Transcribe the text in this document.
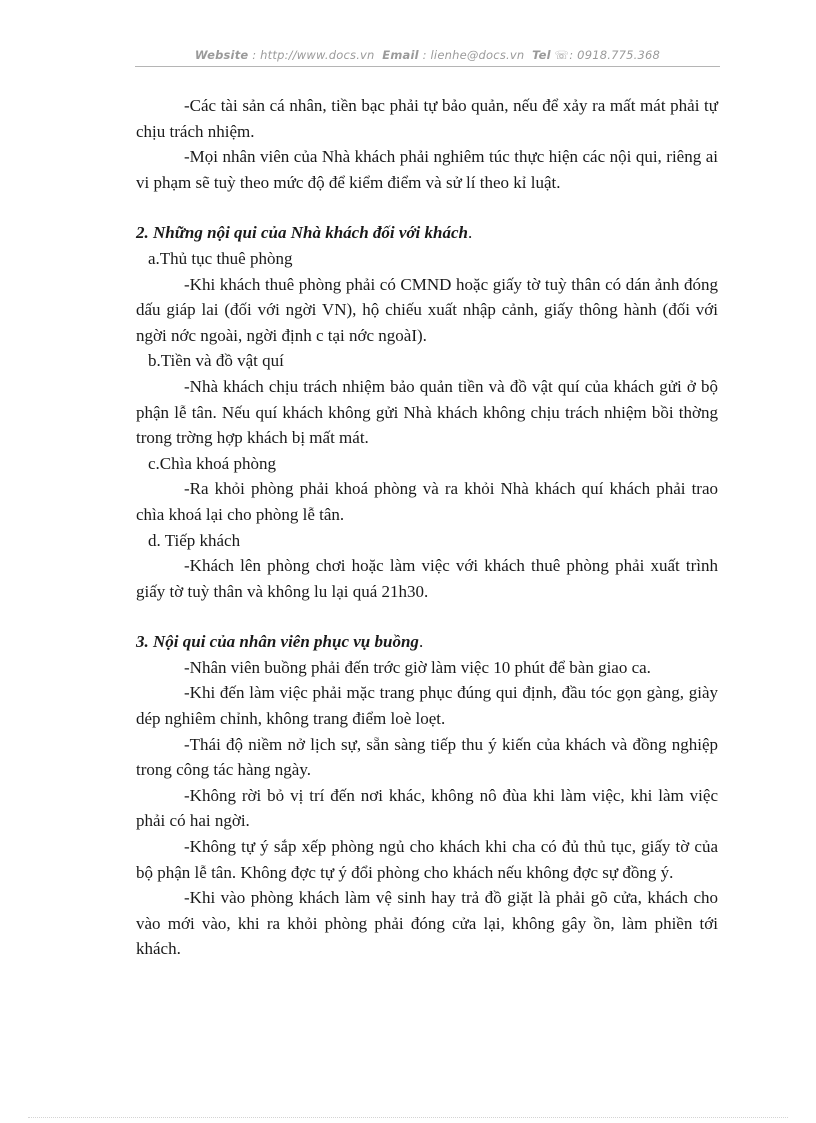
Website : http://www.docs.vn Email : lienhe@docs.vn Tel ☏: 0918.775.368

-Các tài sản cá nhân, tiền bạc phải tự bảo quản, nếu để xảy ra mất mát phải tự chịu trách nhiệm.

-Mọi nhân viên của Nhà khách phải nghiêm túc thực hiện các nội qui, riêng ai vi phạm sẽ tuỳ theo mức độ để kiểm điểm và sử lí theo kỉ luật.

2. Những nội qui của Nhà khách đối với khách.

a.Thủ tục thuê phòng

-Khi khách thuê phòng phải có CMND hoặc giấy tờ tuỳ thân có dán ảnh đóng dấu giáp lai (đối với ngời VN), hộ chiếu xuất nhập cảnh, giấy thông hành (đối với ngời nớc ngoài, ngời định c tại nớc ngoàI).

b.Tiền và đồ vật quí

-Nhà khách chịu trách nhiệm bảo quản tiền và đồ vật quí của khách gửi ở bộ phận lễ tân. Nếu quí khách không gửi Nhà khách không chịu trách nhiệm bồi thờng trong trờng hợp khách bị mất mát.

c.Chìa khoá phòng

-Ra khỏi phòng phải khoá phòng và ra khỏi Nhà khách quí khách phải trao chìa khoá lại cho phòng lễ tân.

d. Tiếp khách

-Khách lên phòng chơi hoặc làm việc với khách thuê phòng phải xuất trình giấy tờ tuỳ thân và không lu lại quá 21h30.

3. Nội qui của nhân viên phục vụ buồng.

-Nhân viên buồng phải đến trớc giờ làm việc 10 phút để bàn giao ca.

-Khi đến làm việc phải mặc trang phục đúng qui định, đầu tóc gọn gàng, giày dép nghiêm chỉnh, không trang điểm loè loẹt.

-Thái độ niềm nở lịch sự, sẵn sàng tiếp thu ý kiến của khách và đồng nghiệp trong công tác hàng ngày.

-Không rời bỏ vị trí đến nơi khác, không nô đùa khi làm việc, khi làm việc phải có hai ngời.

-Không tự ý sắp xếp phòng ngủ cho khách khi cha có đủ thủ tục, giấy tờ của bộ phận lễ tân. Không đợc tự ý đổi phòng cho khách nếu không đợc sự đồng ý.

-Khi vào phòng khách làm vệ sinh hay trả đồ giặt là phải gõ cửa, khách cho vào mới vào, khi ra khỏi phòng phải đóng cửa lại, không gây ồn, làm phiền tới khách.
